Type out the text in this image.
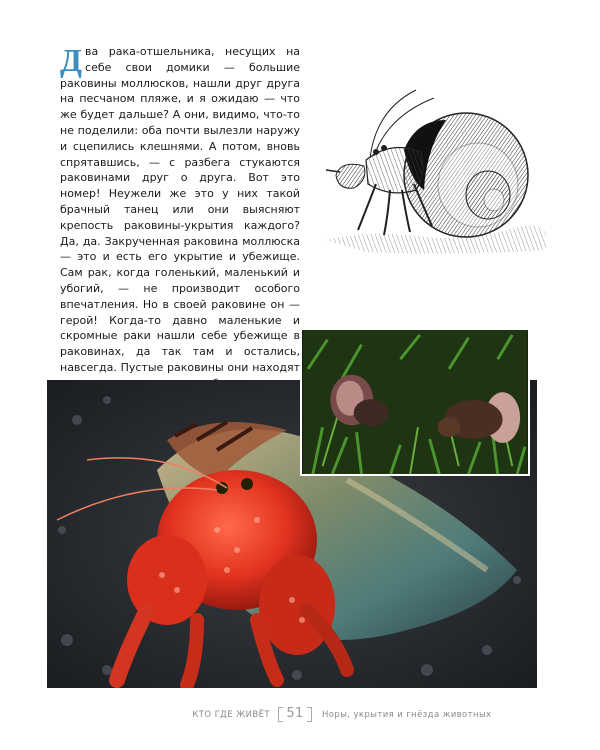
Два рака-отшельника, несущих на себе свои домики — большие раковины моллюсков, нашли друг друга на песчаном пляже, и я ожидаю — что же будет дальше? А они, видимо, что-то не поделили: оба почти вылезли наружу и сцепились клешнями. А потом, вновь спрятавшись, — с разбега стукаются раковинами друг о друга. Вот это номер! Неужели же это у них такой брачный танец или они выясняют крепость раковины-укрытия каждого? Да, да. Закрученная раковина моллюска — это и есть его укрытие и убежище. Сам рак, когда голенький, маленький и убогий, — не производит особого впечатления. Но в своей раковине он — герой! Когда-то давно маленькие и скромные раки нашли себе убежище в раковинах, да так там и остались, навсегда. Пустые раковины они находят

КТО ГДЕ ЖИВЁТ	51	Норы, укрытия и гнёзда животных
